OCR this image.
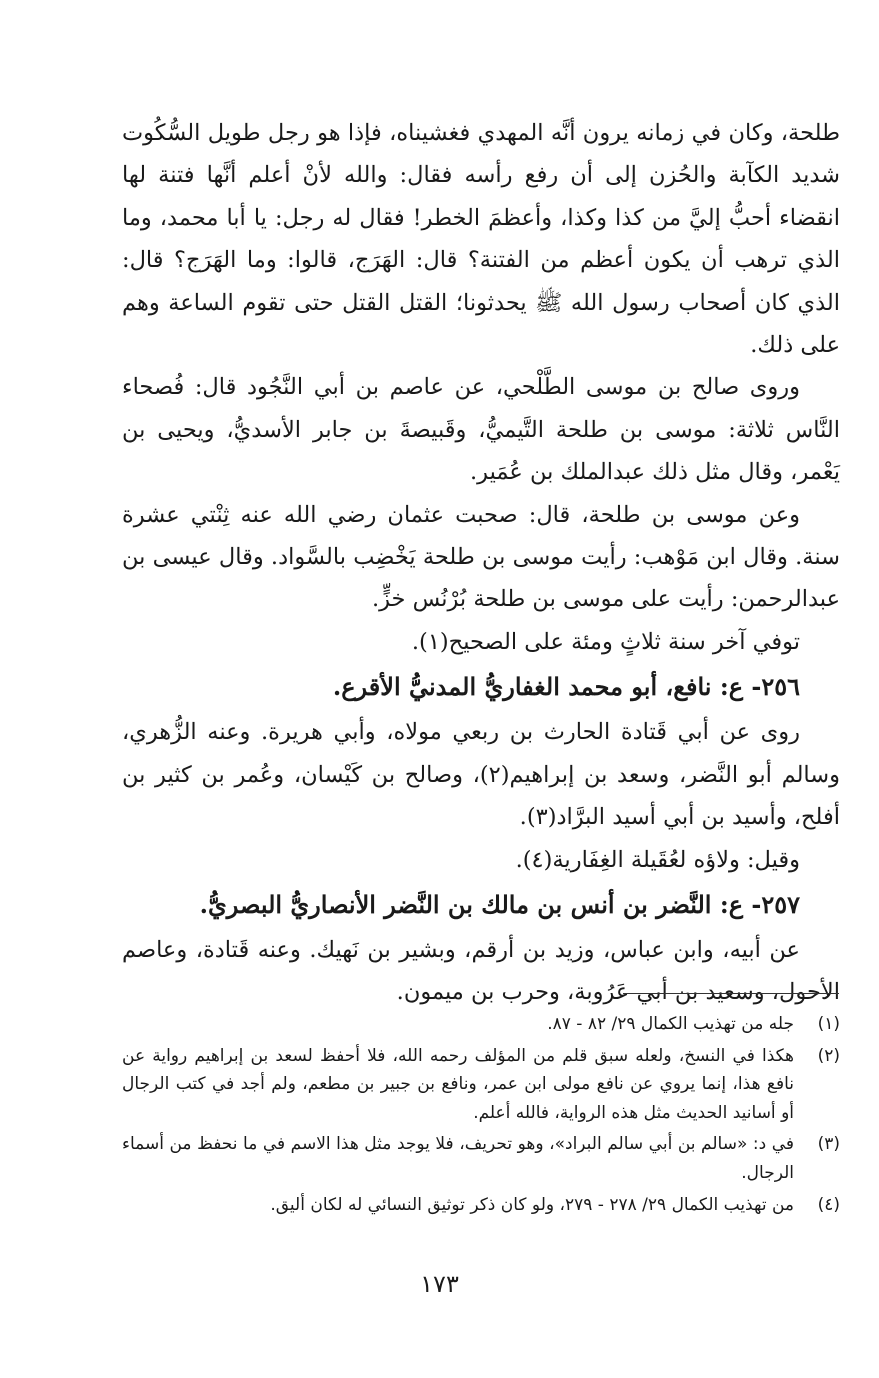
طلحة، وكان في زمانه يرون أنَّه المهدي فغشيناه، فإذا هو رجل طويل السُّكُوت شديد الكآبة والحُزن إلى أن رفع رأسه فقال: والله لأنْ أعلم أنَّها فتنة لها انقضاء أحبُّ إليَّ من كذا وكذا، وأعظمَ الخطر! فقال له رجل: يا أبا محمد، وما الذي ترهب أن يكون أعظم من الفتنة؟ قال: الهَرَج، قالوا: وما الهَرَج؟ قال: الذي كان أصحاب رسول الله ﷺ يحدثونا؛ القتل القتل حتى تقوم الساعة وهم على ذلك.

وروى صالح بن موسى الطَّلْحي، عن عاصم بن أبي النَّجُود قال: فُصحاء النَّاس ثلاثة: موسى بن طلحة التَّيميُّ، وقَبيصةَ بن جابر الأسديُّ، ويحيى بن يَعْمر، وقال مثل ذلك عبدالملك بن عُمَير.

وعن موسى بن طلحة، قال: صحبت عثمان رضي الله عنه ثِنْتي عشرة سنة. وقال ابن مَوْهب: رأيت موسى بن طلحة يَخْضِب بالسَّواد. وقال عيسى بن عبدالرحمن: رأيت على موسى بن طلحة بُرْنُس خزٍّ.

توفي آخر سنة ثلاثٍ ومئة على الصحيح(١).

٢٥٦- ع: نافع، أبو محمد الغفاريُّ المدنيُّ الأقرع.

روى عن أبي قَتادة الحارث بن ربعي مولاه، وأبي هريرة. وعنه الزُّهري، وسالم أبو النَّضر، وسعد بن إبراهيم(٢)، وصالح بن كَيْسان، وعُمر بن كثير بن أفلح، وأسيد بن أبي أسيد البرَّاد(٣).

وقيل: ولاؤه لعُقَيلة الغِفَارية(٤).

٢٥٧- ع: النَّضر بن أنس بن مالك بن النَّضر الأنصاريُّ البصريُّ.

عن أبيه، وابن عباس، وزيد بن أرقم، وبشير بن نَهيك. وعنه قَتادة، وعاصم الأحول، وسعيد بن أبي عَرُوبة، وحرب بن ميمون.

(١)
جله من تهذيب الكمال ٢٩/ ٨٢ - ٨٧.
(٢)
هكذا في النسخ، ولعله سبق قلم من المؤلف رحمه الله، فلا أحفظ لسعد بن إبراهيم رواية عن نافع هذا، إنما يروي عن نافع مولى ابن عمر، ونافع بن جبير بن مطعم، ولم أجد في كتب الرجال أو أسانيد الحديث مثل هذه الرواية، فالله أعلم.
(٣)
في د: «سالم بن أبي سالم البراد»، وهو تحريف، فلا يوجد مثل هذا الاسم في ما نحفظ من أسماء الرجال.
(٤)
من تهذيب الكمال ٢٩/ ٢٧٨ - ٢٧٩، ولو كان ذكر توثيق النسائي له لكان أليق.
١٧٣
